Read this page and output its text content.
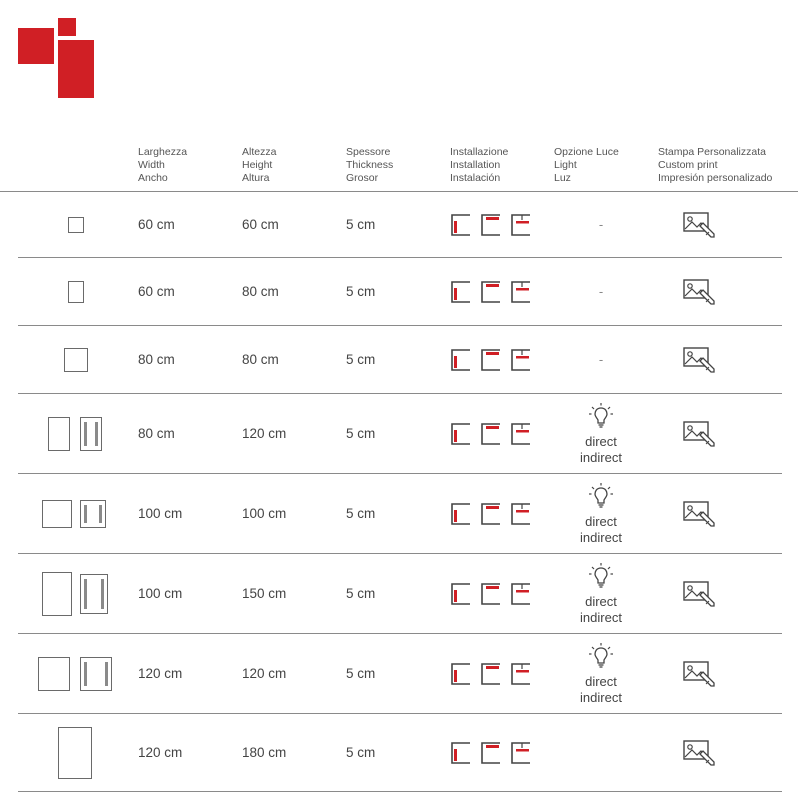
Larghezza
Width
Ancho
Altezza
Height
Altura
Spessore
Thickness
Grosor
Installazione
Installation
Instalación
Opzione Luce
Light
Luz
Stampa Personalizzata
Custom print
Impresión personalizado
60 cm	60 cm	5 cm	-
60 cm	80 cm	5 cm	-
80 cm	80 cm	5 cm	-
80 cm	120 cm	5 cm	direct
indirect
100 cm	100 cm	5 cm	direct
indirect
100 cm	150 cm	5 cm	direct
indirect
120 cm	120 cm	5 cm	direct
indirect
120 cm	180 cm	5 cm
